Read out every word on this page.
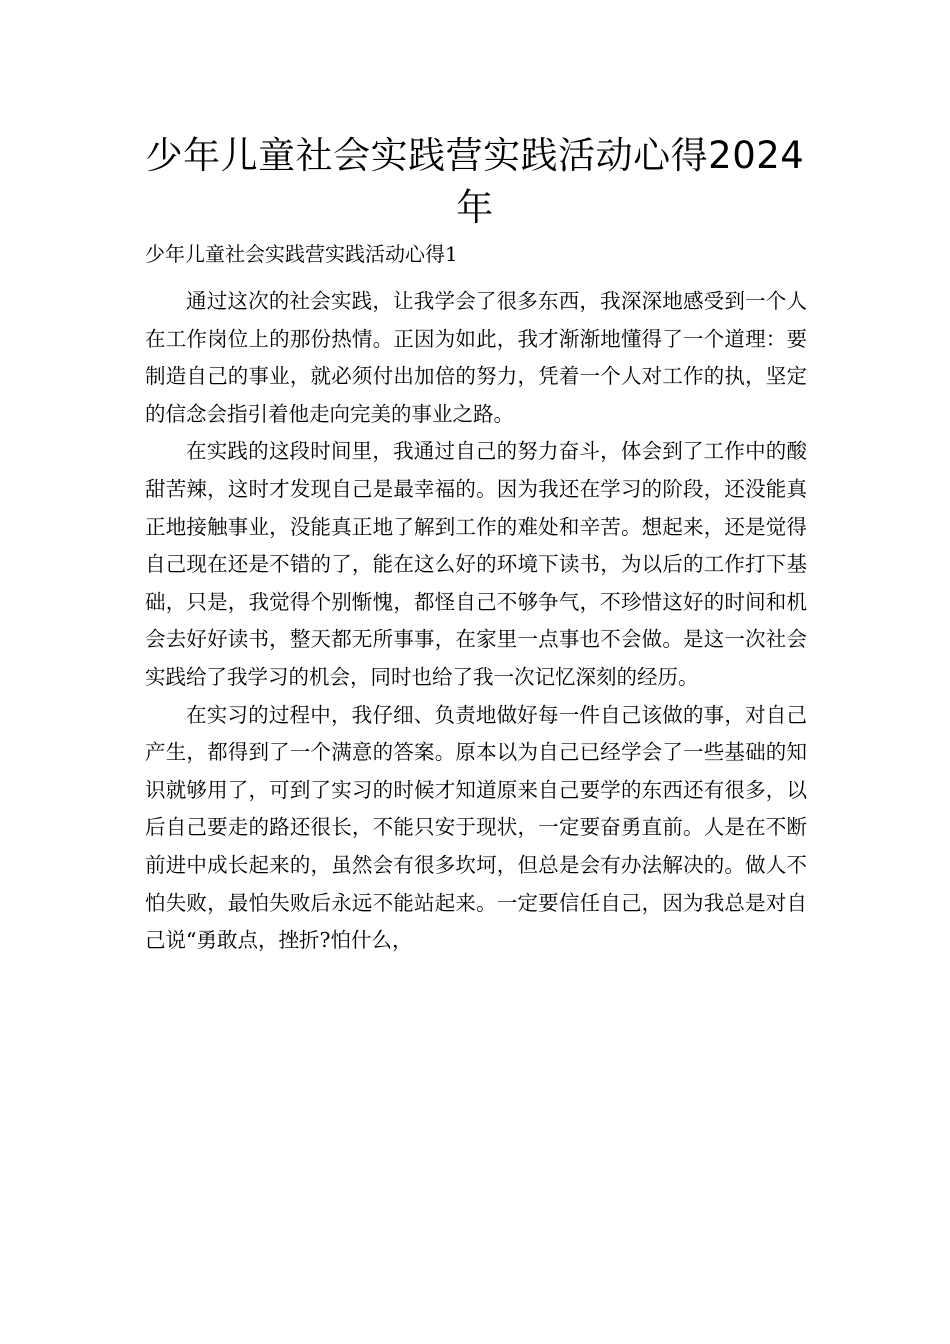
少年儿童社会实践营实践活动心得2024年

少年儿童社会实践营实践活动心得1

通过这次的社会实践，让我学会了很多东西，我深深地感受到一个人在工作岗位上的那份热情。正因为如此，我才渐渐地懂得了一个道理：要制造自己的事业，就必须付出加倍的努力，凭着一个人对工作的执，坚定的信念会指引着他走向完美的事业之路。

在实践的这段时间里，我通过自己的努力奋斗，体会到了工作中的酸甜苦辣，这时才发现自己是最幸福的。因为我还在学习的阶段，还没能真正地接触事业，没能真正地了解到工作的难处和辛苦。想起来，还是觉得自己现在还是不错的了，能在这么好的环境下读书，为以后的工作打下基础，只是，我觉得个别惭愧，都怪自己不够争气，不珍惜这好的时间和机会去好好读书，整天都无所事事，在家里一点事也不会做。是这一次社会实践给了我学习的机会，同时也给了我一次记忆深刻的经历。

在实习的过程中，我仔细、负责地做好每一件自己该做的事，对自己产生，都得到了一个满意的答案。原本以为自己已经学会了一些基础的知识就够用了，可到了实习的时候才知道原来自己要学的东西还有很多，以后自己要走的路还很长，不能只安于现状，一定要奋勇直前。人是在不断前进中成长起来的，虽然会有很多坎坷，但总是会有办法解决的。做人不怕失败，最怕失败后永远不能站起来。一定要信任自己，因为我总是对自己说“勇敢点，挫折?怕什么，
